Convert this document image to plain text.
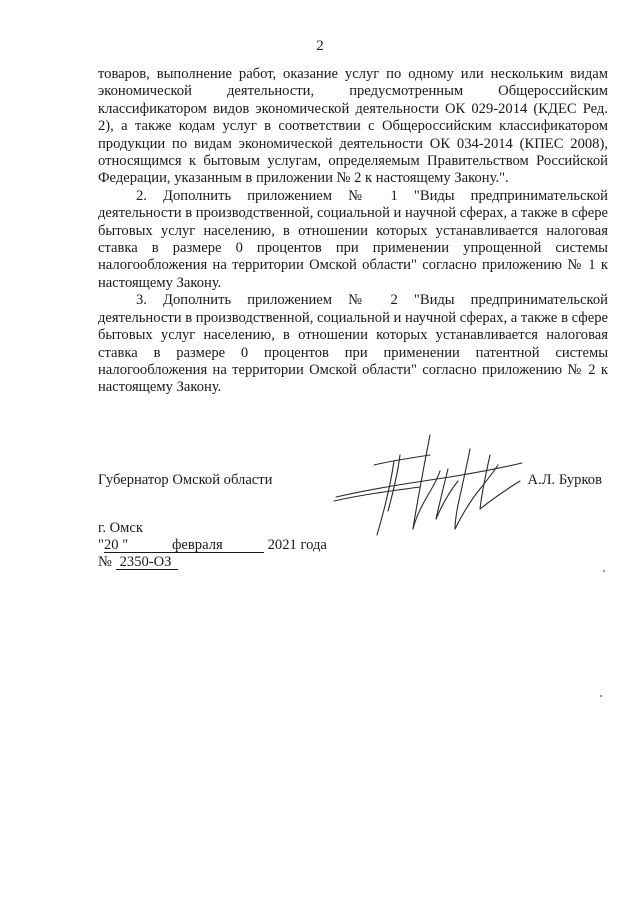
2

товаров, выполнение работ, оказание услуг по одному или нескольким видам экономической деятельности, предусмотренным Общероссийским классификатором видов экономической деятельности ОК 029-2014 (КДЕС Ред. 2), а также кодам услуг в соответствии с Общероссийским классификатором продукции по видам экономической деятельности ОК 034-2014 (КПЕС 2008), относящимся к бытовым услугам, определяемым Правительством Российской Федерации, указанным в приложении № 2 к настоящему Закону.".

2. Дополнить приложением № 1 "Виды предпринимательской деятельности в производственной, социальной и научной сферах, а также в сфере бытовых услуг населению, в отношении которых устанавливается налоговая ставка в размере 0 процентов при применении упрощенной системы налогообложения на территории Омской области" согласно приложению № 1 к настоящему Закону.

3. Дополнить приложением № 2 "Виды предпринимательской деятельности в производственной, социальной и научной сферах, а также в сфере бытовых услуг населению, в отношении которых устанавливается налоговая ставка в размере 0 процентов при применении патентной системы налогообложения на территории Омской области" согласно приложению № 2 к настоящему Закону.

Губернатор Омской области	А.Л. Бурков
г. Омск
"20 "	февраля	2021 года
№ 2350-ОЗ
